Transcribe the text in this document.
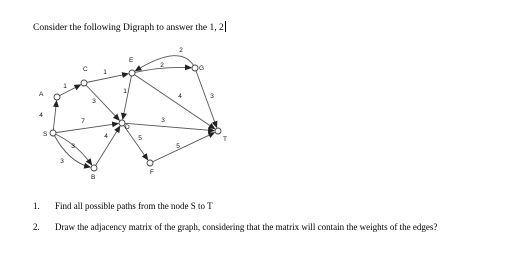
Consider the following Digraph to answer the 1, 2
4
1
1
2
2
3
4
3
1
7
3
4
3
5
3
5
A
C
E
G
S
D
B
F
T
1. Find all possible paths from the node S to T
2. Draw the adjacency matrix of the graph, considering that the matrix will contain the weights of the edges?
